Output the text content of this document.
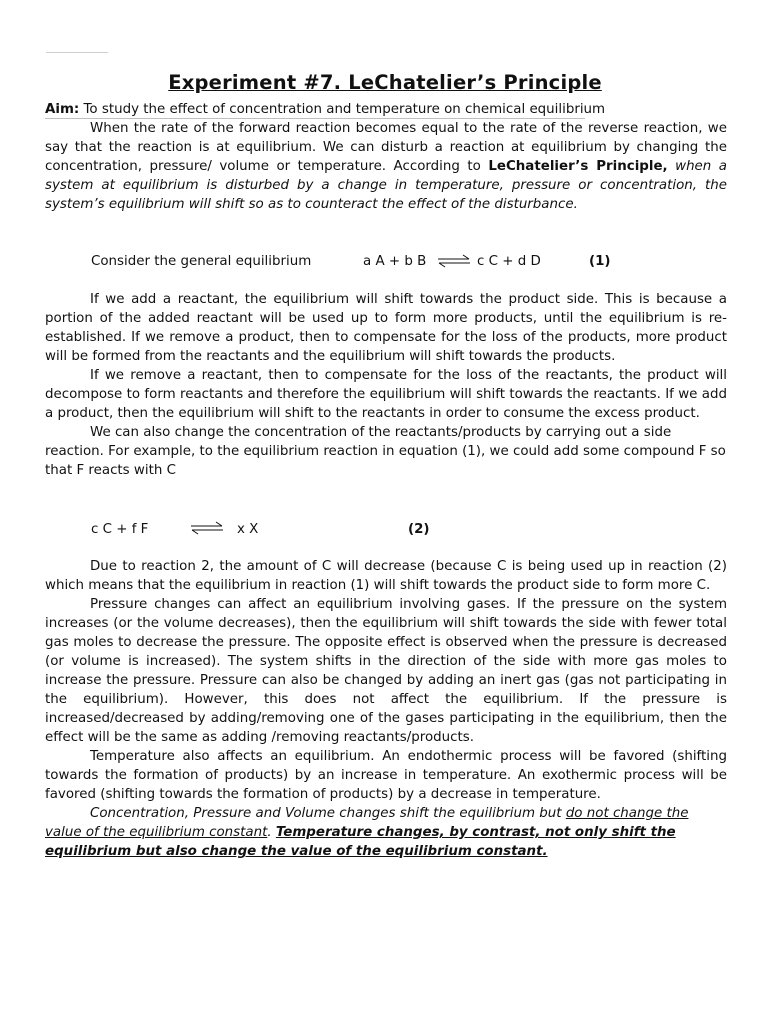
Experiment #7. LeChatelier’s Principle
Aim: To study the effect of concentration and temperature on chemical equilibrium

When the rate of the forward reaction becomes equal to the rate of the reverse reaction, we say that the reaction is at equilibrium. We can disturb a reaction at equilibrium by changing the concentration, pressure/ volume or temperature. According to LeChatelier’s Principle, when a system at equilibrium is disturbed by a change in temperature, pressure or concentration, the system’s equilibrium will shift so as to counteract the effect of the disturbance.

Consider the general equilibrium	a A + b B ⇌ c C + d D	(1)

If we add a reactant, the equilibrium will shift towards the product side. This is because a portion of the added reactant will be used up to form more products, until the equilibrium is re-established. If we remove a product, then to compensate for the loss of the products, more product will be formed from the reactants and the equilibrium will shift towards the products.

If we remove a reactant, then to compensate for the loss of the reactants, the product will decompose to form reactants and therefore the equilibrium will shift towards the reactants. If we add a product, then the equilibrium will shift to the reactants in order to consume the excess product.

We can also change the concentration of the reactants/products by carrying out a side reaction. For example, to the equilibrium reaction in equation (1), we could add some compound F so that F reacts with C

c C + f F	⇌ x X	(2)

Due to reaction 2, the amount of C will decrease (because C is being used up in reaction (2) which means that the equilibrium in reaction (1) will shift towards the product side to form more C.

Pressure changes can affect an equilibrium involving gases. If the pressure on the system increases (or the volume decreases), then the equilibrium will shift towards the side with fewer total gas moles to decrease the pressure. The opposite effect is observed when the pressure is decreased (or volume is increased). The system shifts in the direction of the side with more gas moles to increase the pressure. Pressure can also be changed by adding an inert gas (gas not participating in the equilibrium). However, this does not affect the equilibrium. If the pressure is increased/decreased by adding/removing one of the gases participating in the equilibrium, then the effect will be the same as adding /removing reactants/products.

Temperature also affects an equilibrium. An endothermic process will be favored (shifting towards the formation of products) by an increase in temperature. An exothermic process will be favored (shifting towards the formation of products) by a decrease in temperature.

Concentration, Pressure and Volume changes shift the equilibrium but do not change the value of the equilibrium constant. Temperature changes, by contrast, not only shift the equilibrium but also change the value of the equilibrium constant.
